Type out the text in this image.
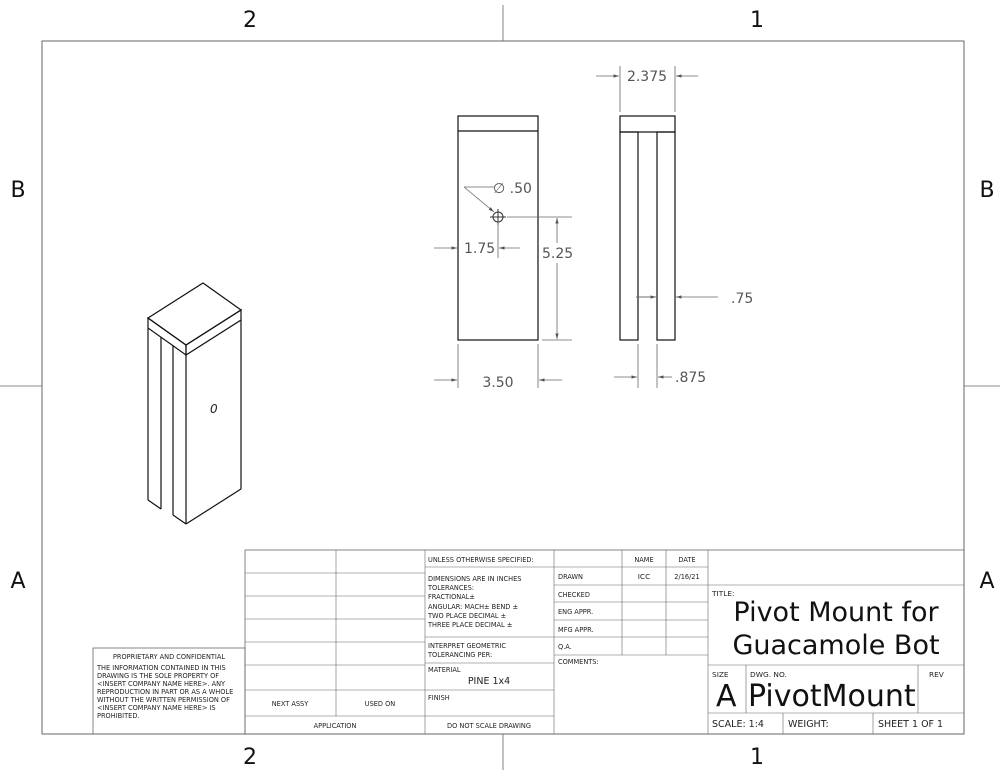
2	1
2	1
B
A
B
A
0
2.375
∅ .50
1.75	5.25
3.50
.75
.875
PROPRIETARY AND CONFIDENTIAL
THE INFORMATION CONTAINED IN THIS
DRAWING IS THE SOLE PROPERTY OF
<INSERT COMPANY NAME HERE>. ANY
REPRODUCTION IN PART OR AS A WHOLE
WITHOUT THE WRITTEN PERMISSION OF
<INSERT COMPANY NAME HERE> IS
PROHIBITED.
NEXT ASSY	USED ON
APPLICATION
UNLESS OTHERWISE SPECIFIED:
DIMENSIONS ARE IN INCHES
TOLERANCES:
FRACTIONAL±
ANGULAR: MACH± BEND ±
TWO PLACE DECIMAL ±
THREE PLACE DECIMAL ±
INTERPRET GEOMETRIC
TOLERANCING PER:
MATERIAL
PINE 1x4
FINISH
DO NOT SCALE DRAWING
NAME	DATE
DRAWN	ICC	2/16/21
CHECKED
ENG APPR.
MFG APPR.
Q.A.
COMMENTS:
TITLE:
Pivot Mount for
Guacamole Bot
SIZE
A
DWG. NO.
PivotMount
REV
SCALE: 1:4	WEIGHT:	SHEET 1 OF 1
